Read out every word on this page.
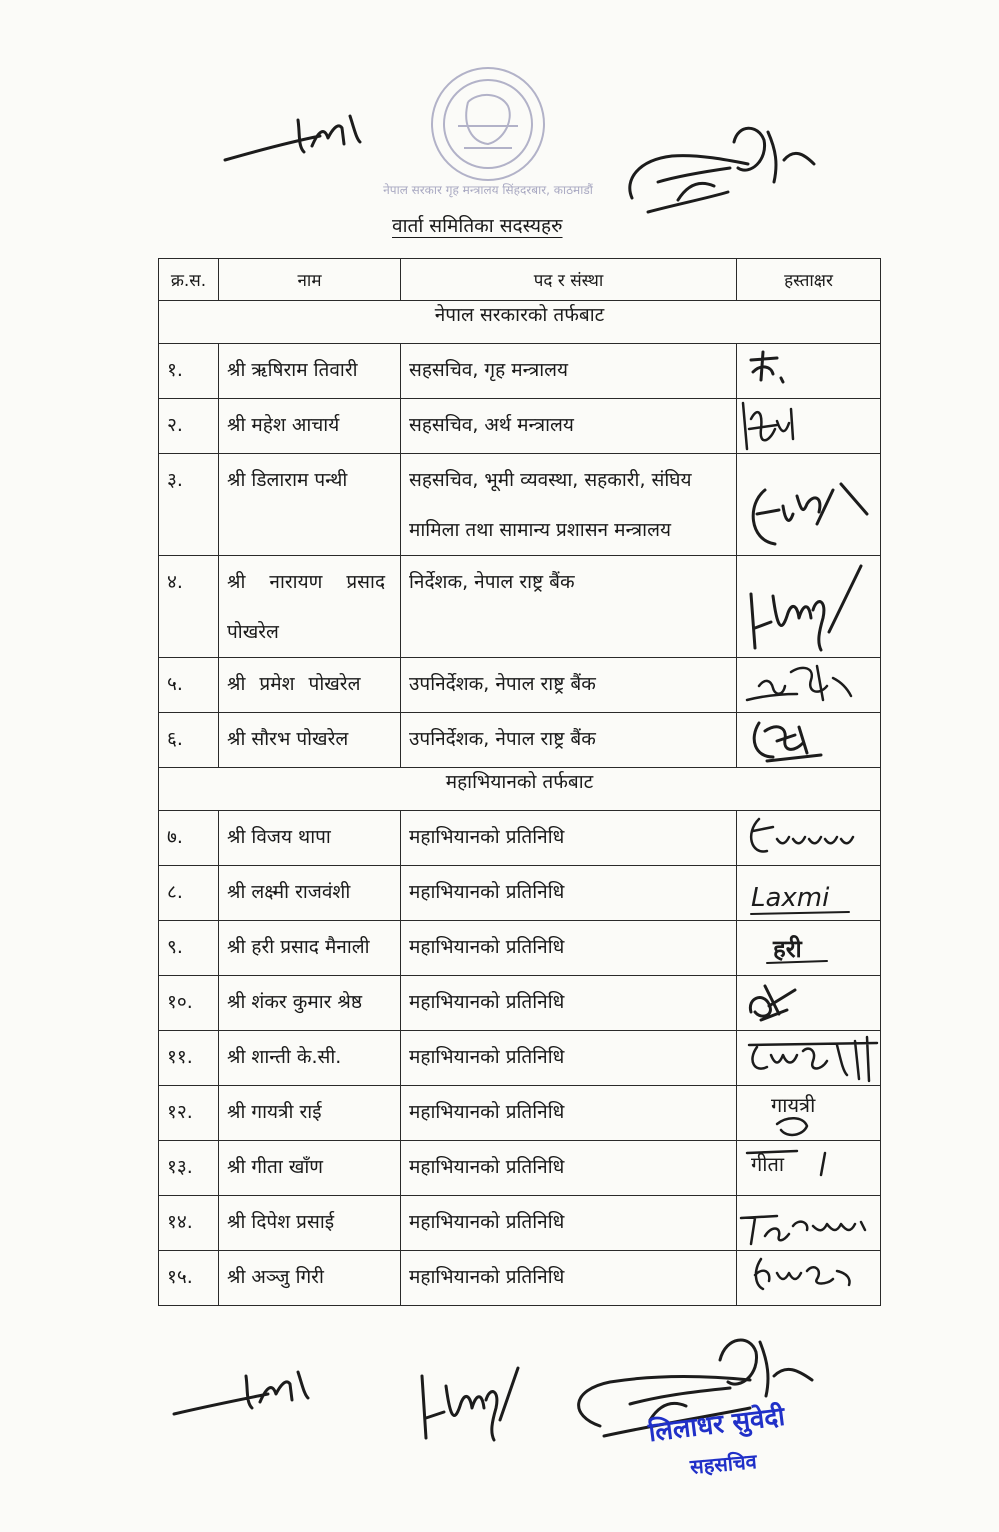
नेपाल सरकार गृह मन्त्रालय सिंहदरबार, काठमाडौं
वार्ता समितिका सदस्यहरु
क्र.स.	नाम	पद र संस्था	हस्ताक्षर
नेपाल सरकारको तर्फबाट			

१.	श्री ऋषिराम तिवारी	सहसचिव, गृह मन्त्रालय

२.	श्री महेश आचार्य	सहसचिव, अर्थ मन्त्रालय

३.	श्री डिलाराम पन्थी	सहसचिव, भूमी व्यवस्था, सहकारी, संघिय
मामिला तथा सामान्य प्रशासन मन्त्रालय

४.	श्री नारायण प्रसाद
पोखरेल	निर्देशक, नेपाल राष्ट्र बैंक

५.	श्री प्रमेश पोखरेल	उपनिर्देशक, नेपाल राष्ट्र बैंक

६.	श्री सौरभ पोखरेल	उपनिर्देशक, नेपाल राष्ट्र बैंक

महाभियानको तर्फबाट			

७.	श्री विजय थापा	महाभियानको प्रतिनिधि

८.	श्री लक्ष्मी राजवंशी	महाभियानको प्रतिनिधि	Laxmi

९.	श्री हरी प्रसाद मैनाली	महाभियानको प्रतिनिधि	हरी

१०.	श्री शंकर कुमार श्रेष्ठ	महाभियानको प्रतिनिधि

११.	श्री शान्ती के.सी.	महाभियानको प्रतिनिधि

१२.	श्री गायत्री राई	महाभियानको प्रतिनिधि	गायत्री

१३.	श्री गीता खाँण	महाभियानको प्रतिनिधि	गीता

१४.	श्री दिपेश प्रसाई	महाभियानको प्रतिनिधि

१५.	श्री अञ्जु गिरी	महाभियानको प्रतिनिधि

लिलाधर सुवेदी
सहसचिव
